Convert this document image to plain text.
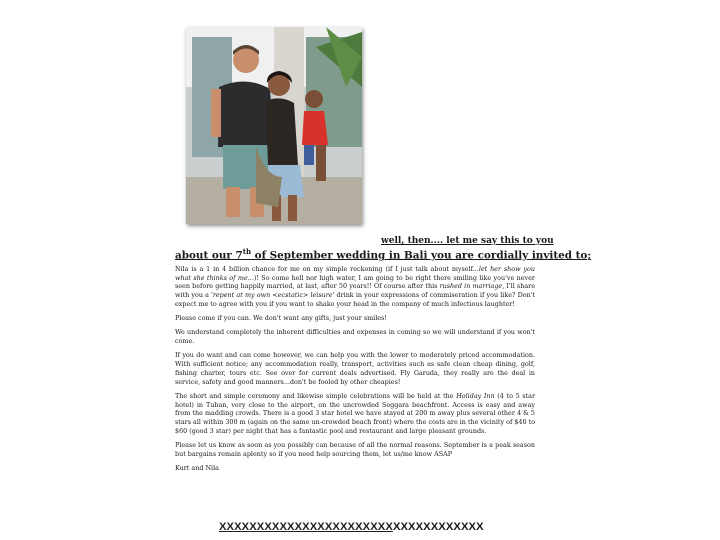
well, then.... let me say this to you
about our 7th of September wedding in Bali you are cordially invited to;

Nila is a 1 in 4 billion chance for me on my simple reckoning (if I just talk about myself...let her show you what she thinks of me...)! So come hell nor high water, I am going to be right there smiling like you've never seen before getting happily married, at last, after 50 years!! Of course after this rushed in marriage, I'll share with you a 'repent at my own <ecstatic> leisure' drink in your expressions of commiseration if you like? Don't expect me to agree with you if you want to shake your head in the company of much infectious laughter!

Please come if you can. We don't want any gifts, just your smiles!

We understand completely the inherent difficulties and expenses in coming so we will understand if you won't come.

If you do want and can come however, we can help you with the lower to moderately priced accommodation. With sufficient notice; any accommodation really, transport, activities such as safe clean cheap dining, golf, fishing charter, tours etc. See over for current deals advertised. Fly Garuda, they really are the deal in service, safety and good manners...don't be fooled by other cheapies!

The short and simple ceremony and likewise simple celebrations will be held at the Holiday Inn (4 to 5 star hotel) in Tuban, very close to the airport, on the uncrowded Seggara beachfront. Access is easy and away from the madding crowds. There is a good 3 star hotel we have stayed at 200 m away plus several other 4 & 5 stars all within 300 m (again on the same un-crowded beach front) where the costs are in the vicinity of $40 to $60 (good 3 star) per night that has a fantastic pool and restaurant and large pleasant grounds.

Please let us know as soon as you possibly can because of all the normal reasons. September is a peak season but bargains remain aplenty so if you need help sourcing them, let us/me know ASAP

Kurt and Nila

XXXXXXXXXXXXXXXXXXXXXXXXXXXXXXXXXXX
